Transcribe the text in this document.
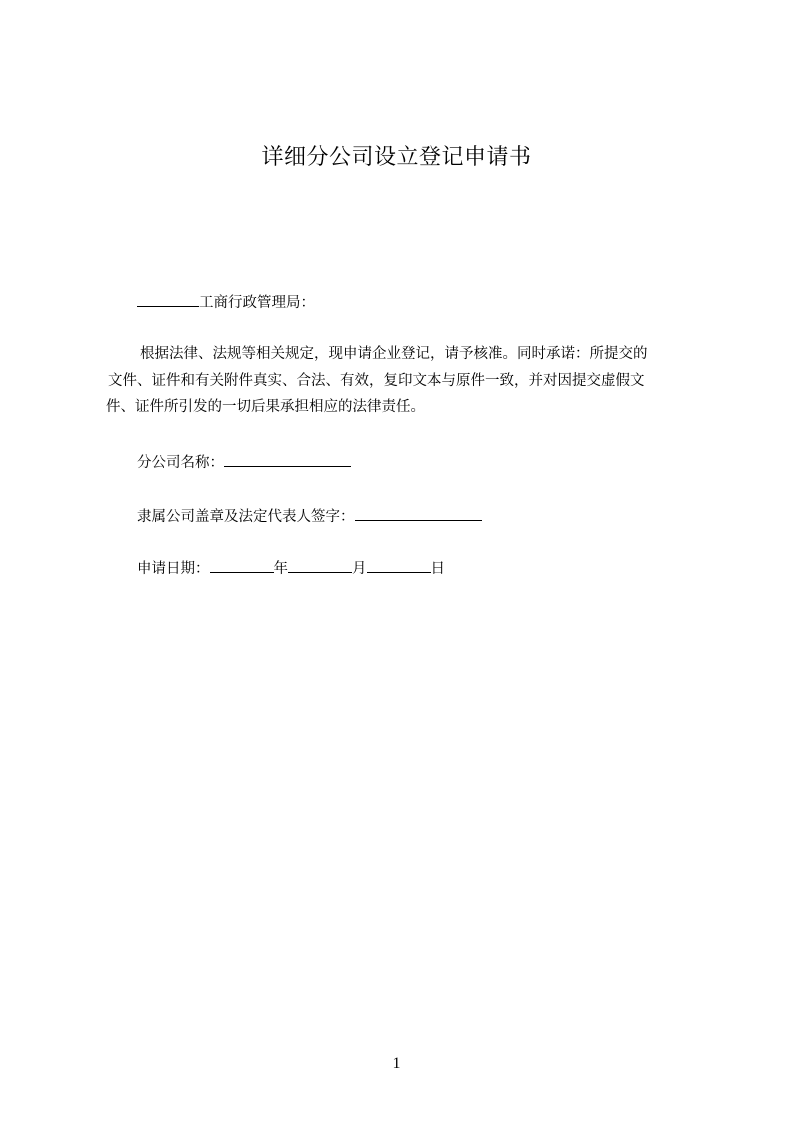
详细分公司设立登记申请书
工商行政管理局：
根据法律、法规等相关规定，现申请企业登记，请予核准。同时承诺：所提交的
文件、证件和有关附件真实、合法、有效，复印文本与原件一致，并对因提交虚假文
件、证件所引发的一切后果承担相应的法律责任。
分公司名称：
隶属公司盖章及法定代表人签字：
申请日期：	年	月	日
1
